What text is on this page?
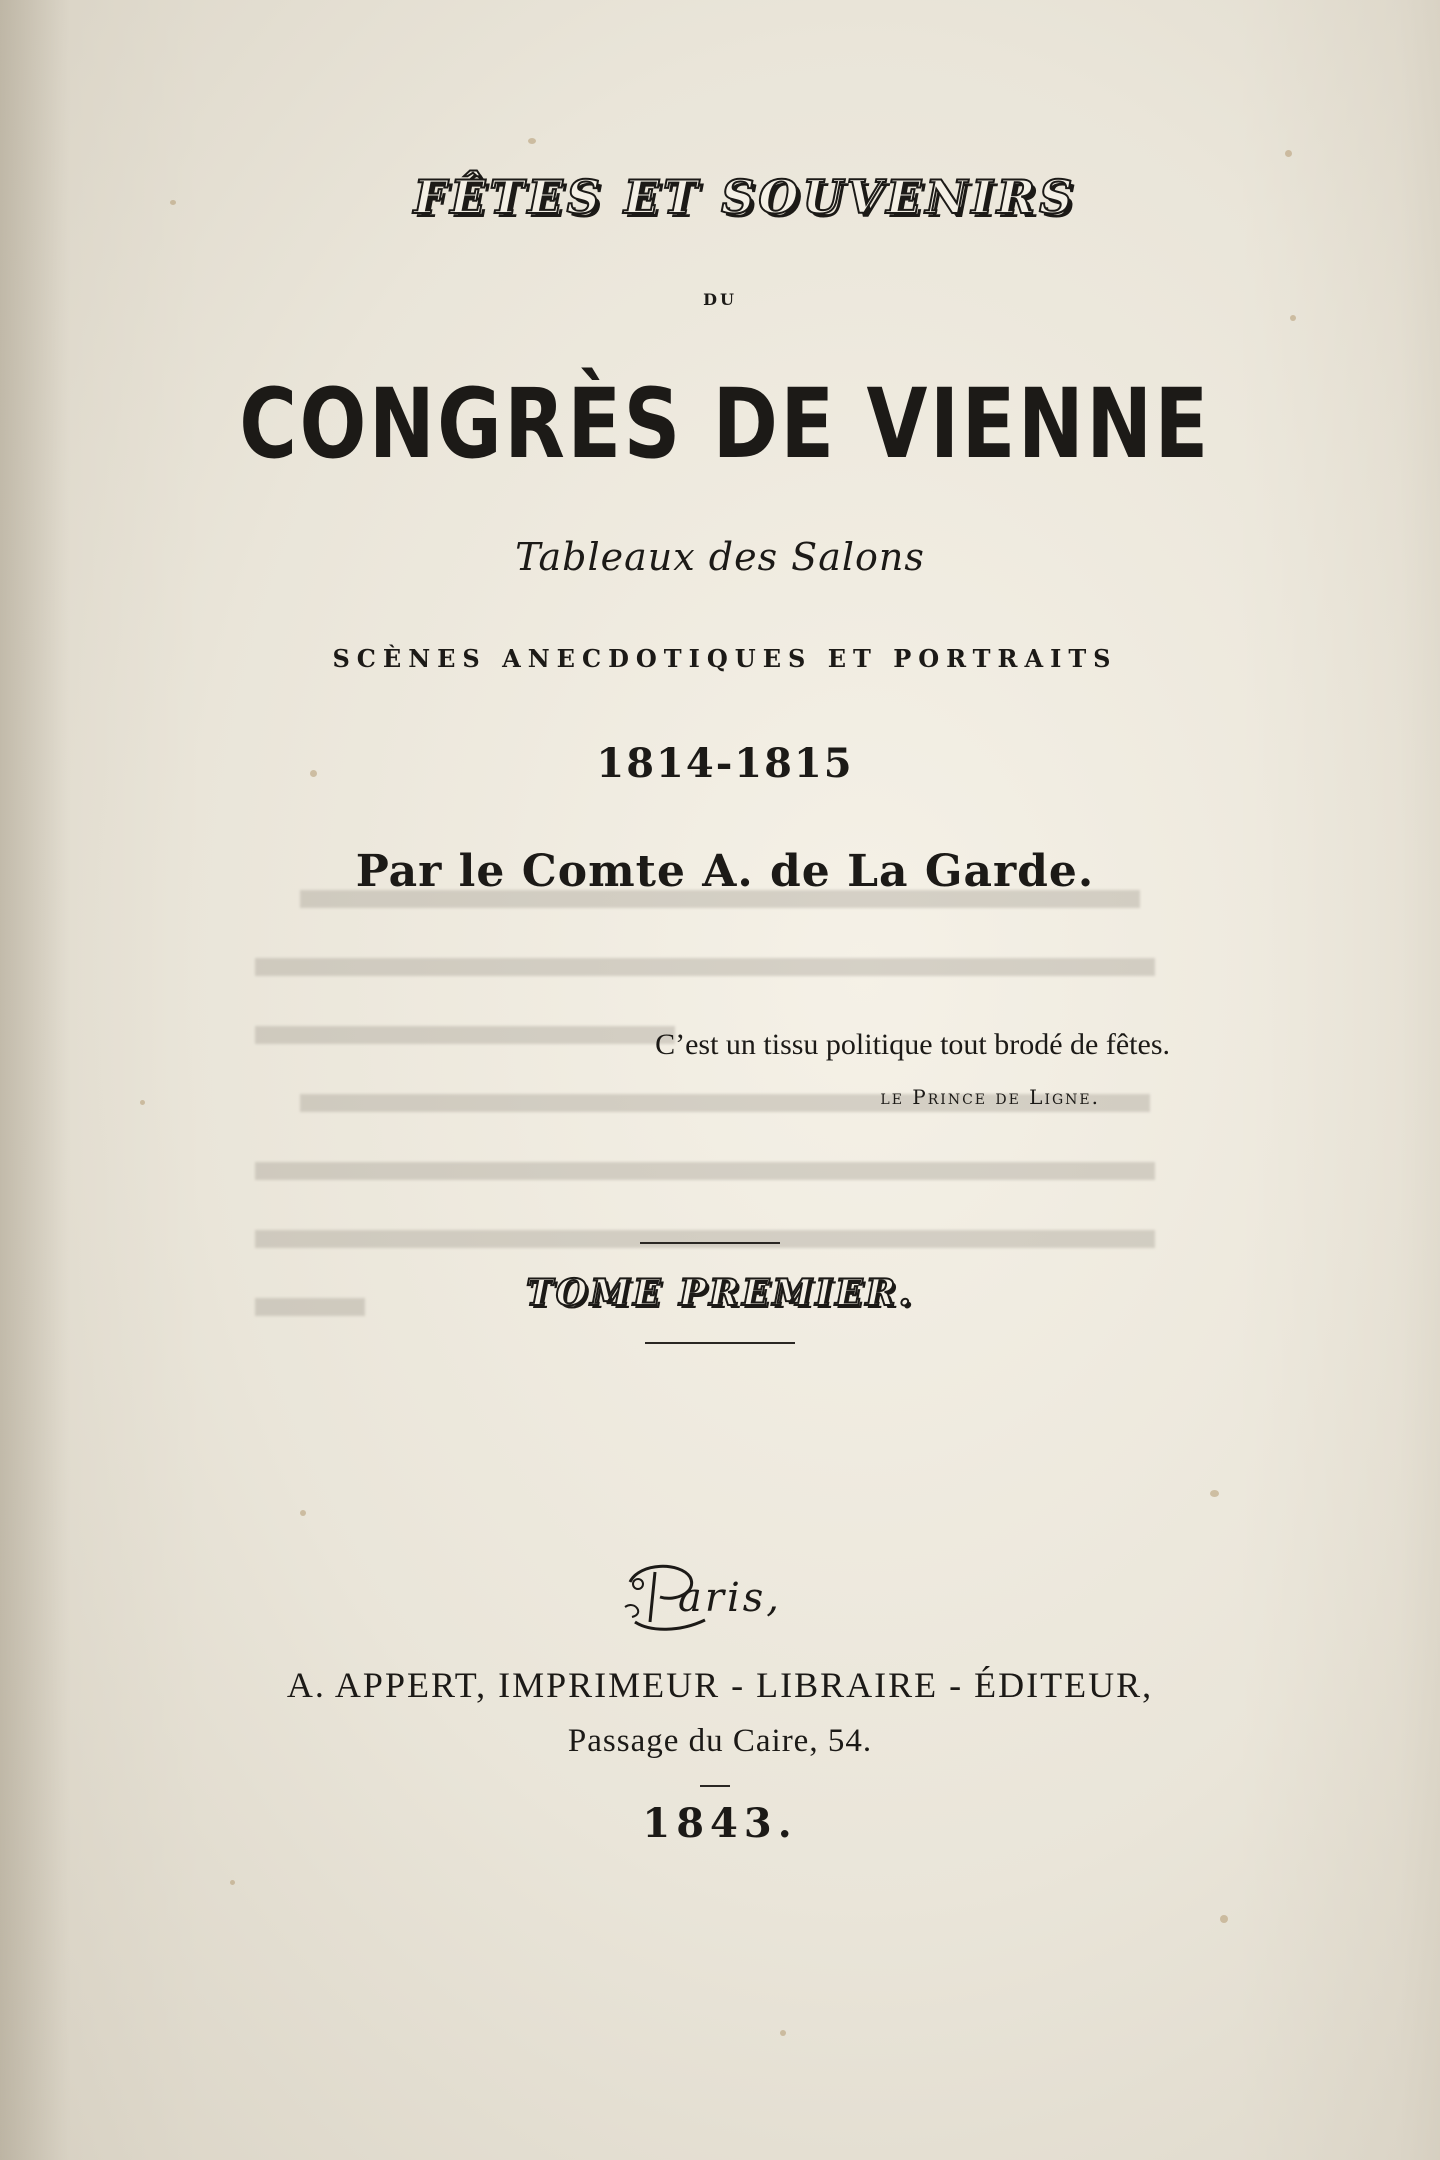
FÊTES ET SOUVENIRS
DU
CONGRÈS DE VIENNE
Tableaux des Salons
SCÈNES ANECDOTIQUES ET PORTRAITS
1814-1815
Par le Comte A. de La Garde.
C’est un tissu politique tout brodé de fêtes.
le Prince de Ligne.
TOME PREMIER.
aris,
A. APPERT, IMPRIMEUR - LIBRAIRE - ÉDITEUR,
Passage du Caire, 54.
1843.
